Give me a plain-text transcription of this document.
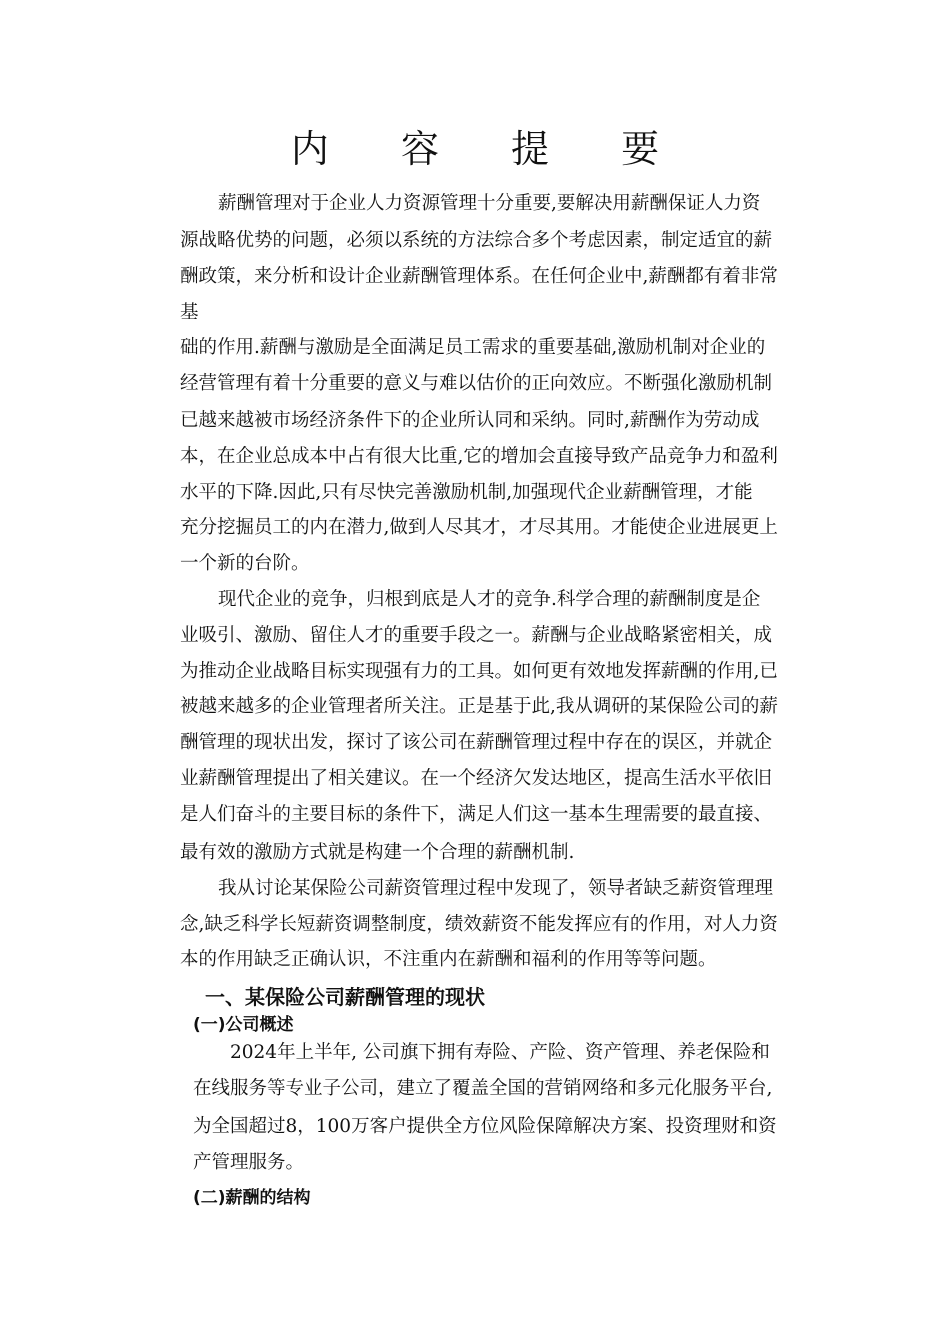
内 容 提 要
薪酬管理对于企业人力资源管理十分重要,要解决用薪酬保证人力资
源战略优势的问题，必须以系统的方法综合多个考虑因素，制定适宜的薪
酬政策，来分析和设计企业薪酬管理体系。在任何企业中,薪酬都有着非常
基
础的作用.薪酬与激励是全面满足员工需求的重要基础,激励机制对企业的
经营管理有着十分重要的意义与难以估价的正向效应。不断强化激励机制
已越来越被市场经济条件下的企业所认同和采纳。同时,薪酬作为劳动成
本，在企业总成本中占有很大比重,它的增加会直接导致产品竞争力和盈利
水平的下降.因此,只有尽快完善激励机制,加强现代企业薪酬管理，才能
充分挖掘员工的内在潜力,做到人尽其才，才尽其用。才能使企业进展更上
一个新的台阶。
现代企业的竞争，归根到底是人才的竞争.科学合理的薪酬制度是企
业吸引、激励、留住人才的重要手段之一。薪酬与企业战略紧密相关，成
为推动企业战略目标实现强有力的工具。如何更有效地发挥薪酬的作用,已
被越来越多的企业管理者所关注。正是基于此,我从调研的某保险公司的薪
酬管理的现状出发，探讨了该公司在薪酬管理过程中存在的误区，并就企
业薪酬管理提出了相关建议。在一个经济欠发达地区，提高生活水平依旧
是人们奋斗的主要目标的条件下，满足人们这一基本生理需要的最直接、
最有效的激励方式就是构建一个合理的薪酬机制.
我从讨论某保险公司薪资管理过程中发现了，领导者缺乏薪资管理理
念,缺乏科学长短薪资调整制度，绩效薪资不能发挥应有的作用，对人力资
本的作用缺乏正确认识，不注重内在薪酬和福利的作用等等问题。
一、某保险公司薪酬管理的现状
(一)公司概述
2024年上半年, 公司旗下拥有寿险、产险、资产管理、养老保险和
在线服务等专业子公司，建立了覆盖全国的营销网络和多元化服务平台,
为全国超过8，100万客户提供全方位风险保障解决方案、投资理财和资
产管理服务。
(二)薪酬的结构
